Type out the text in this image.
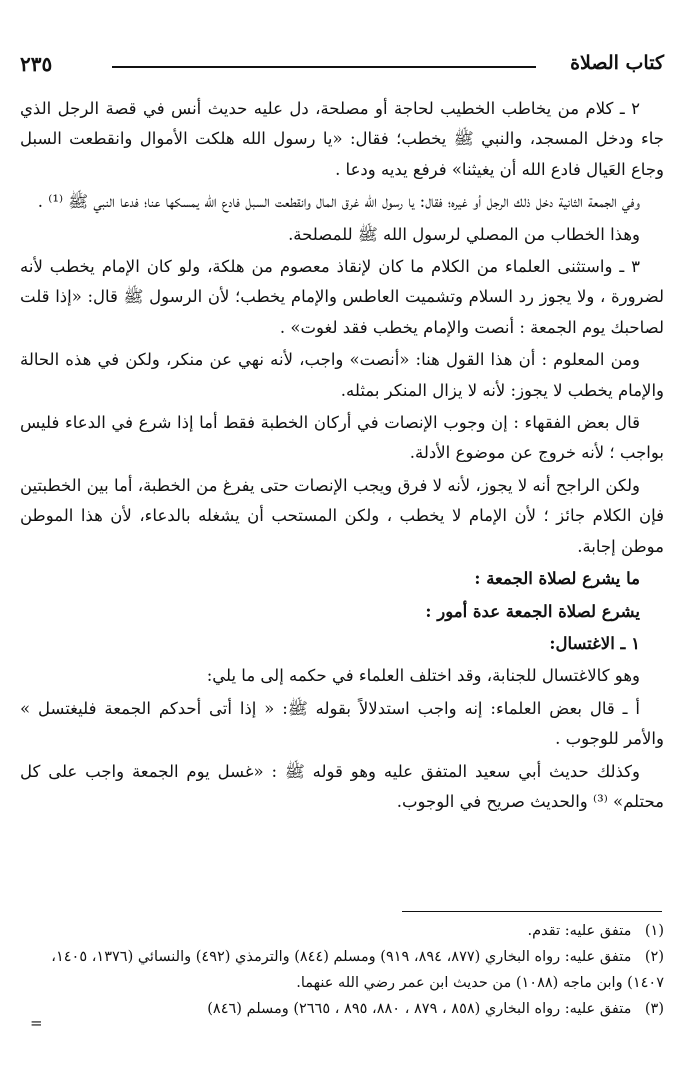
كتاب الصلاة
٢٣٥

٢ ـ كلام من يخاطب الخطيب لحاجة أو مصلحة، دل عليه حديث أنس في قصة الرجل الذي جاء ودخل المسجد، والنبي ﷺ يخطب؛ فقال: «يا رسول الله هلكت الأموال وانقطعت السبل وجاع العَيال فادع الله أن يغيثنا» فرفع يديه ودعا .

وفي الجمعة الثانية دخل ذلك الرجل أو غيره؛ فقال: يا رسول الله غرق المال وانقطعت السبل فادع الله يمسكها عنا؛ فدعا النبي ﷺ ⁽¹⁾ .

وهذا الخطاب من المصلي لرسول الله ﷺ للمصلحة.

٣ ـ واستثنى العلماء من الكلام ما كان لإنقاذ معصوم من هلكة، ولو كان الإمام يخطب لأنه لضرورة ، ولا يجوز رد السلام وتشميت العاطس والإمام يخطب؛ لأن الرسول ﷺ قال: «إذا قلت لصاحبك يوم الجمعة : أنصت والإمام يخطب فقد لغوت» .

ومن المعلوم : أن هذا القول هنا: «أنصت» واجب، لأنه نهي عن منكر، ولكن في هذه الحالة والإمام يخطب لا يجوز: لأنه لا يزال المنكر بمثله.

قال بعض الفقهاء : إن وجوب الإنصات في أركان الخطبة فقط أما إذا شرع في الدعاء فليس بواجب ؛ لأنه خروج عن موضوع الأدلة.

ولكن الراجح أنه لا يجوز، لأنه لا فرق ويجب الإنصات حتى يفرغ من الخطبة، أما بين الخطبتين فإن الكلام جائز ؛ لأن الإمام لا يخطب ، ولكن المستحب أن يشغله بالدعاء، لأن هذا الموطن موطن إجابة.

ما يشرع لصلاة الجمعة :

يشرع لصلاة الجمعة عدة أمور :

١ ـ الاغتسال:

وهو كالاغتسال للجنابة، وقد اختلف العلماء في حكمه إلى ما يلي:

أ ـ قال بعض العلماء: إنه واجب استدلالاً بقوله ﷺ: « إذا أتى أحدكم الجمعة فليغتسل » والأمر للوجوب .

وكذلك حديث أبي سعيد المتفق عليه وهو قوله ﷺ : «غسل يوم الجمعة واجب على كل محتلم» ⁽³⁾ والحديث صريح في الوجوب.

(١) متفق عليه: تقدم.

(٢) متفق عليه: رواه البخاري (٨٧٧، ٨٩٤، ٩١٩) ومسلم (٨٤٤) والترمذي (٤٩٢) والنسائي (١٣٧٦، ١٤٠٥، ١٤٠٧) وابن ماجه (١٠٨٨) من حديث ابن عمر رضي الله عنهما.

(٣) متفق عليه: رواه البخاري (٨٥٨ ، ٨٧٩ ، ٨٨٠، ٨٩٥ ، ٢٦٦٥) ومسلم (٨٤٦)

=
